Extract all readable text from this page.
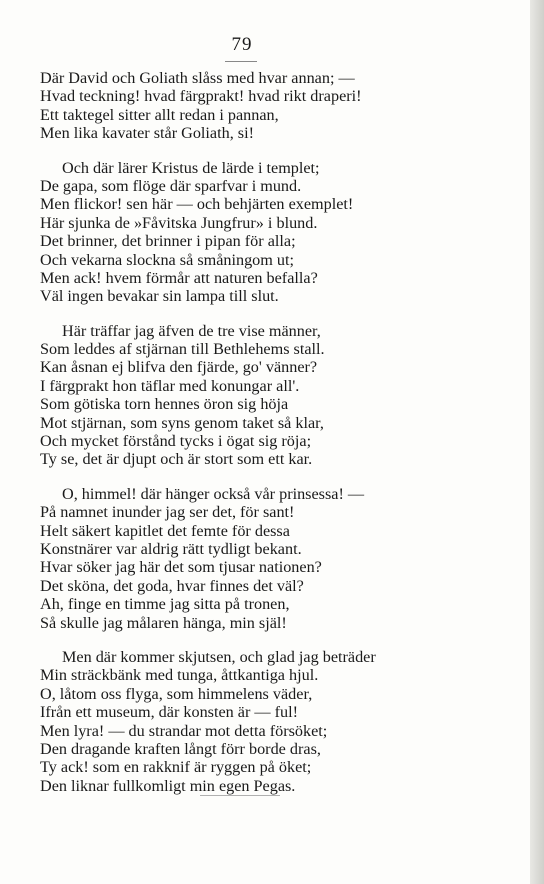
79
Där David och Goliath slåss med hvar annan; —
Hvad teckning! hvad färgprakt! hvad rikt draperi!
Ett taktegel sitter allt redan i pannan,
Men lika kavater står Goliath, si!
Och där lärer Kristus de lärde i templet;
De gapa, som flöge där sparfvar i mund.
Men flickor! sen här — och behjärten exemplet!
Här sjunka de »Fåvitska Jungfrur» i blund.
Det brinner, det brinner i pipan för alla;
Och vekarna slockna så småningom ut;
Men ack! hvem förmår att naturen befalla?
Väl ingen bevakar sin lampa till slut.
Här träffar jag äfven de tre vise männer,
Som leddes af stjärnan till Bethlehems stall.
Kan åsnan ej blifva den fjärde, go' vänner?
I färgprakt hon täflar med konungar all'.
Som götiska torn hennes öron sig höja
Mot stjärnan, som syns genom taket så klar,
Och mycket förstånd tycks i ögat sig röja;
Ty se, det är djupt och är stort som ett kar.
O, himmel! där hänger också vår prinsessa! —
På namnet inunder jag ser det, för sant!
Helt säkert kapitlet det femte för dessa
Konstnärer var aldrig rätt tydligt bekant.
Hvar söker jag här det som tjusar nationen?
Det sköna, det goda, hvar finnes det väl?
Ah, finge en timme jag sitta på tronen,
Så skulle jag målaren hänga, min själ!
Men där kommer skjutsen, och glad jag beträder
Min sträckbänk med tunga, åttkantiga hjul.
O, låtom oss flyga, som himmelens väder,
Ifrån ett museum, där konsten är — ful!
Men lyra! — du strandar mot detta försöket;
Den dragande kraften långt förr borde dras,
Ty ack! som en rakknif är ryggen på öket;
Den liknar fullkomligt min egen Pegas.
